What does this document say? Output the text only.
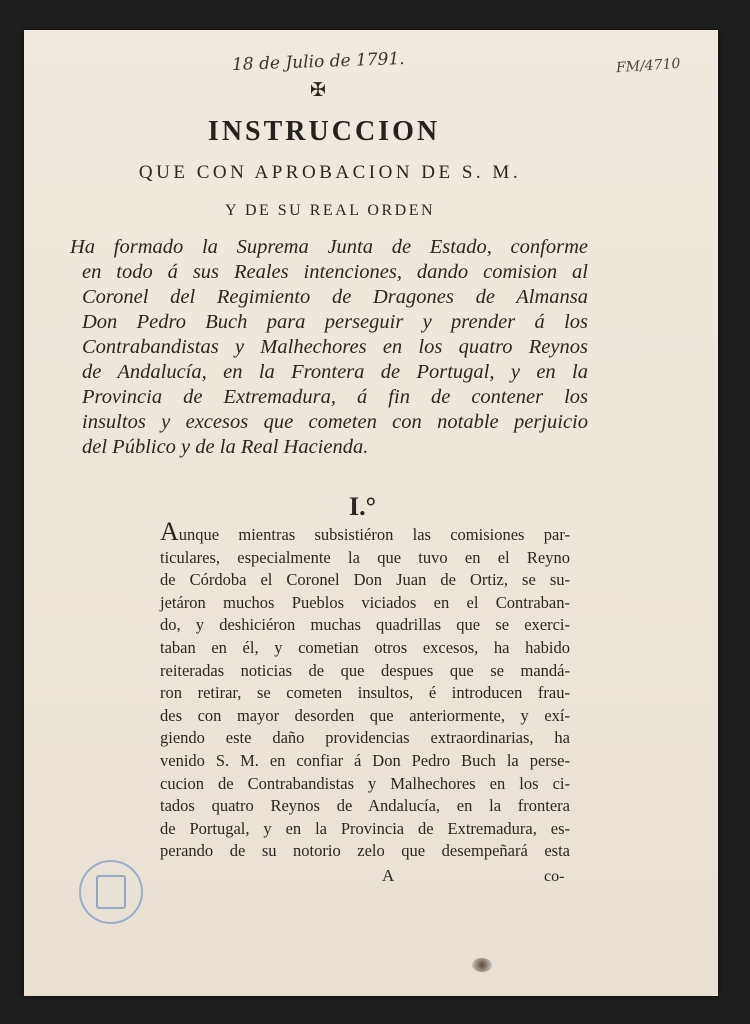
18 de Julio de 1791.	FM/4710
✠
INSTRUCCION
QUE CON APROBACION DE S. M.
Y DE SU REAL ORDEN
Ha formado la Suprema Junta de Estado, conforme
en todo á sus Reales intenciones, dando comision al
Coronel del Regimiento de Dragones de Almansa
Don Pedro Buch para perseguir y prender á los
Contrabandistas y Malhechores en los quatro Reynos
de Andalucía, en la Frontera de Portugal, y en la
Provincia de Extremadura, á fin de contener los
insultos y excesos que cometen con notable perjuicio
del Público y de la Real Hacienda.
I.°
Aunque mientras subsistiéron las comisiones par-
ticulares, especialmente la que tuvo en el Reyno
de Córdoba el Coronel Don Juan de Ortiz, se su-
jetáron muchos Pueblos viciados en el Contraban-
do, y deshiciéron muchas quadrillas que se exerci-
taban en él, y cometian otros excesos, ha habido
reiteradas noticias de que despues que se mandá-
ron retirar, se cometen insultos, é introducen frau-
des con mayor desorden que anteriormente, y exí-
giendo este daño providencias extraordinarias, ha
venido S. M. en confiar á Don Pedro Buch la perse-
cucion de Contrabandistas y Malhechores en los ci-
tados quatro Reynos de Andalucía, en la frontera
de Portugal, y en la Provincia de Extremadura, es-
perando de su notorio zelo que desempeñará esta
A	co-
